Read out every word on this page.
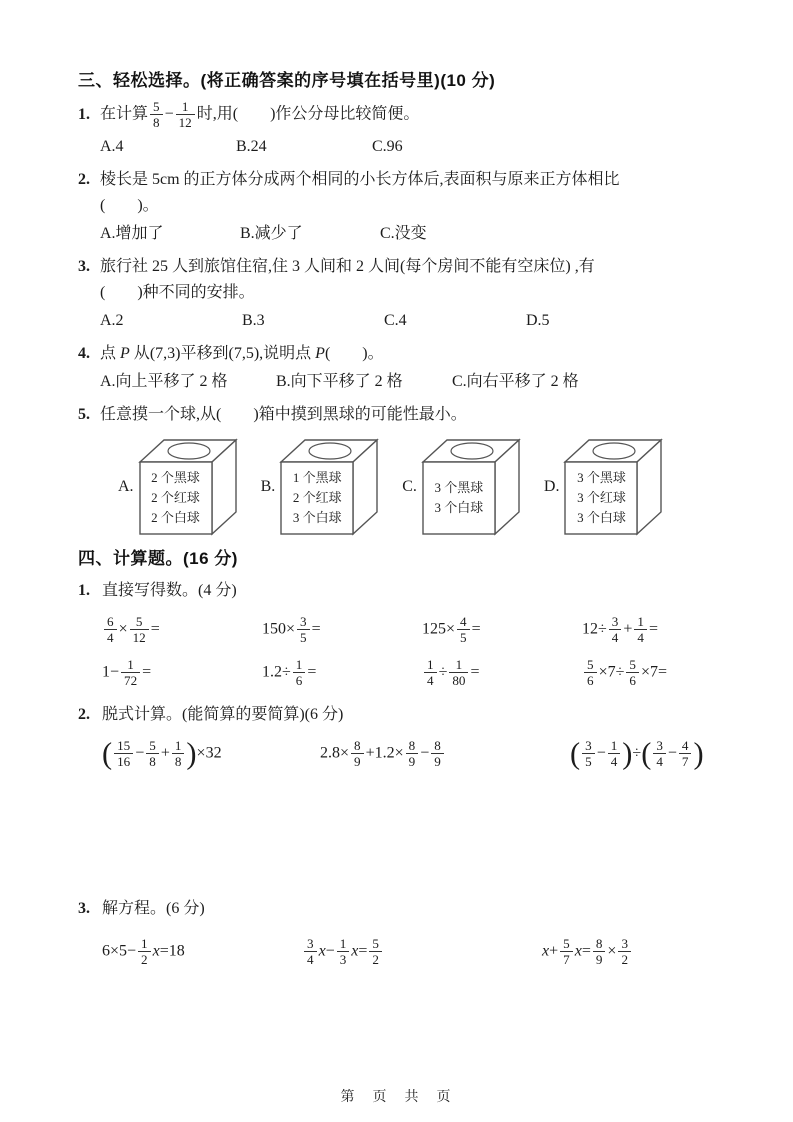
三、轻松选择。(将正确答案的序号填在括号里)(10 分)
1. 在计算 $\frac{5}{8} - \frac{1}{12}$ 时,用(　　 )作公分母比较简便。
A.4	B.24	C.96
2. 棱长是 5cm 的正方体分成两个相同的小长方体后,表面积与原来正方体相比
(　　 )。
A.增加了	B.减少了	C.没变
3. 旅行社 25 人到旅馆住宿,住 3 人间和 2 人间(每个房间不能有空床位) ,有
(　　 )种不同的安排。
A.2	B.3	C.4	D.5
4. 点 P 从(7,3)平移到(7,5),说明点 P(　　 )。
A.向上平移了 2 格	B.向下平移了 2 格	C.向右平移了 2 格
5. 任意摸一个球,从(　　 )箱中摸到黑球的可能性最小。
A.
2 个黑球
2 个红球
2 个白球
B.
1 个黑球
2 个红球
3 个白球
C.	3 个黑球
3 个白球
D.
3 个黑球
3 个红球
3 个白球
四、计算题。(16 分)
1. 直接写得数。(4 分)
$\frac{6}{4} \times \frac{5}{12}$ =	$150\times \frac{3}{5}$ =	$125\times \frac{4}{5}$ =	$12\div \frac{3}{4} + \frac{1}{4}$ =
$1- \frac{1}{72}$ =	$1.2\div \frac{1}{6}$ =	$\frac{1}{4} \div \frac{1}{80}$ =	$\frac{5}{6} \times 7\div \frac{5}{6} \times 7=$
2. 脱式计算。(能简算的要简算)(6 分)
( $\frac{15}{16} - \frac{5}{8} + \frac{1}{8} )\times 32$	$2.8\times \frac{8}{9} +1.2\times \frac{8}{9} - \frac{8}{9}$	( $\frac{3}{5} - \frac{1}{4}$ )÷( $\frac{3}{4} - \frac{4}{7}$ )
3. 解方程。(6 分)
$6\times 5- \frac{1}{2} x=18$	$\frac{3}{4} x- \frac{1}{3} x= \frac{5}{2}$	$x+ \frac{5}{7} x= \frac{8}{9} \times \frac{3}{2}$
第　页　共　页
